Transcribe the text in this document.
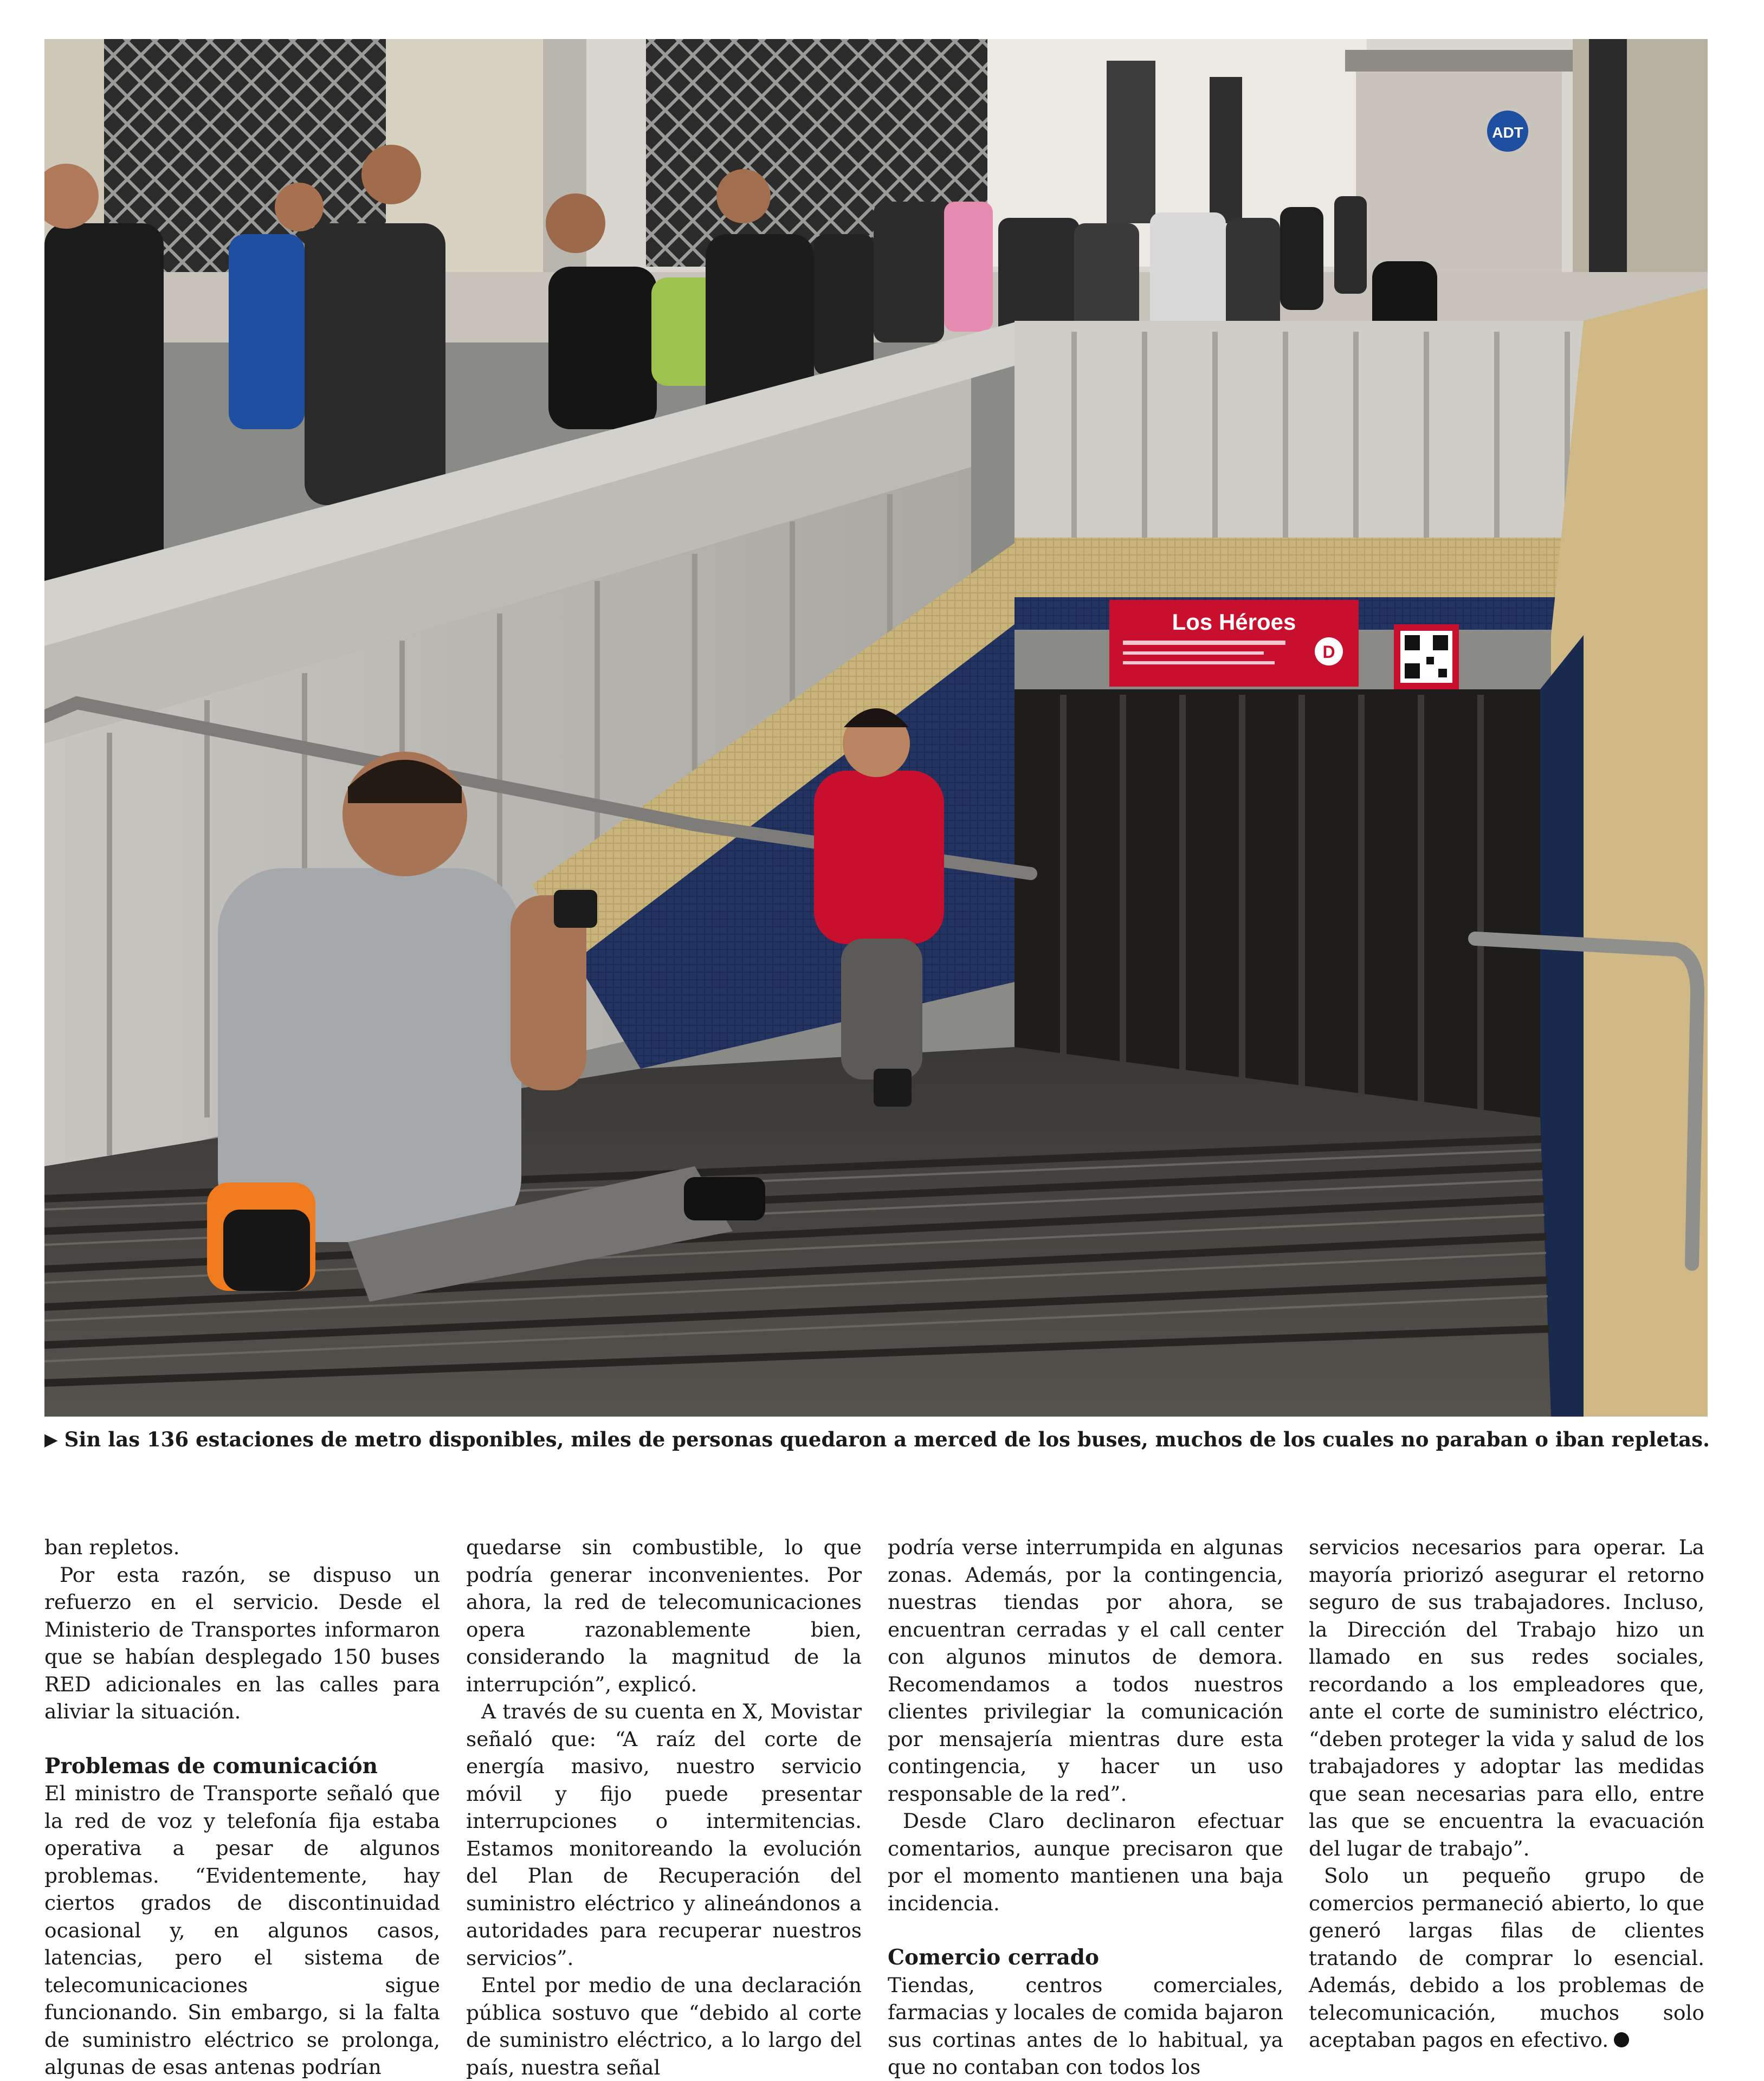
ADT
Los Héroes
D
▶ Sin las 136 estaciones de metro disponibles, miles de personas quedaron a merced de los buses, muchos de los cuales no paraban o iban repletas.

ban repletos.

Por esta razón, se dispuso un refuerzo en el servicio. Desde el Ministerio de Transportes informaron que se habían desplegado 150 buses RED adicionales en las calles para aliviar la situación.

Problemas de comunicación

El ministro de Transporte señaló que la red de voz y telefonía fija estaba operativa a pesar de algunos problemas. “Evidentemente, hay ciertos grados de discontinuidad ocasional y, en algunos casos, latencias, pero el sistema de telecomunicaciones sigue funcionando. Sin embargo, si la falta de suministro eléctrico se prolonga, algunas de esas antenas podrían

quedarse sin combustible, lo que podría generar inconvenientes. Por ahora, la red de telecomunicaciones opera razonablemente bien, considerando la magnitud de la interrupción”, explicó.

A través de su cuenta en X, Movistar señaló que: “A raíz del corte de energía masivo, nuestro servicio móvil y fijo puede presentar interrupciones o intermitencias. Estamos monitoreando la evolución del Plan de Recuperación del suministro eléctrico y alineándonos a autoridades para recuperar nuestros servicios”.

Entel por medio de una declaración pública sostuvo que “debido al corte de suministro eléctrico, a lo largo del país, nuestra señal

podría verse interrumpida en algunas zonas. Además, por la contingencia, nuestras tiendas por ahora, se encuentran cerradas y el call center con algunos minutos de demora. Recomendamos a todos nuestros clientes privilegiar la comunicación por mensajería mientras dure esta contingencia, y hacer un uso responsable de la red”.

Desde Claro declinaron efectuar comentarios, aunque precisaron que por el momento mantienen una baja incidencia.

Comercio cerrado

Tiendas, centros comerciales, farmacias y locales de comida bajaron sus cortinas antes de lo habitual, ya que no contaban con todos los

servicios necesarios para operar. La mayoría priorizó asegurar el retorno seguro de sus trabajadores. Incluso, la Dirección del Trabajo hizo un llamado en sus redes sociales, recordando a los empleadores que, ante el corte de suministro eléctrico, “deben proteger la vida y salud de los trabajadores y adoptar las medidas que sean necesarias para ello, entre las que se encuentra la evacuación del lugar de trabajo”.

Solo un pequeño grupo de comercios permaneció abierto, lo que generó largas filas de clientes tratando de comprar lo esencial. Además, debido a los problemas de telecomunicación, muchos solo aceptaban pagos en efectivo.
